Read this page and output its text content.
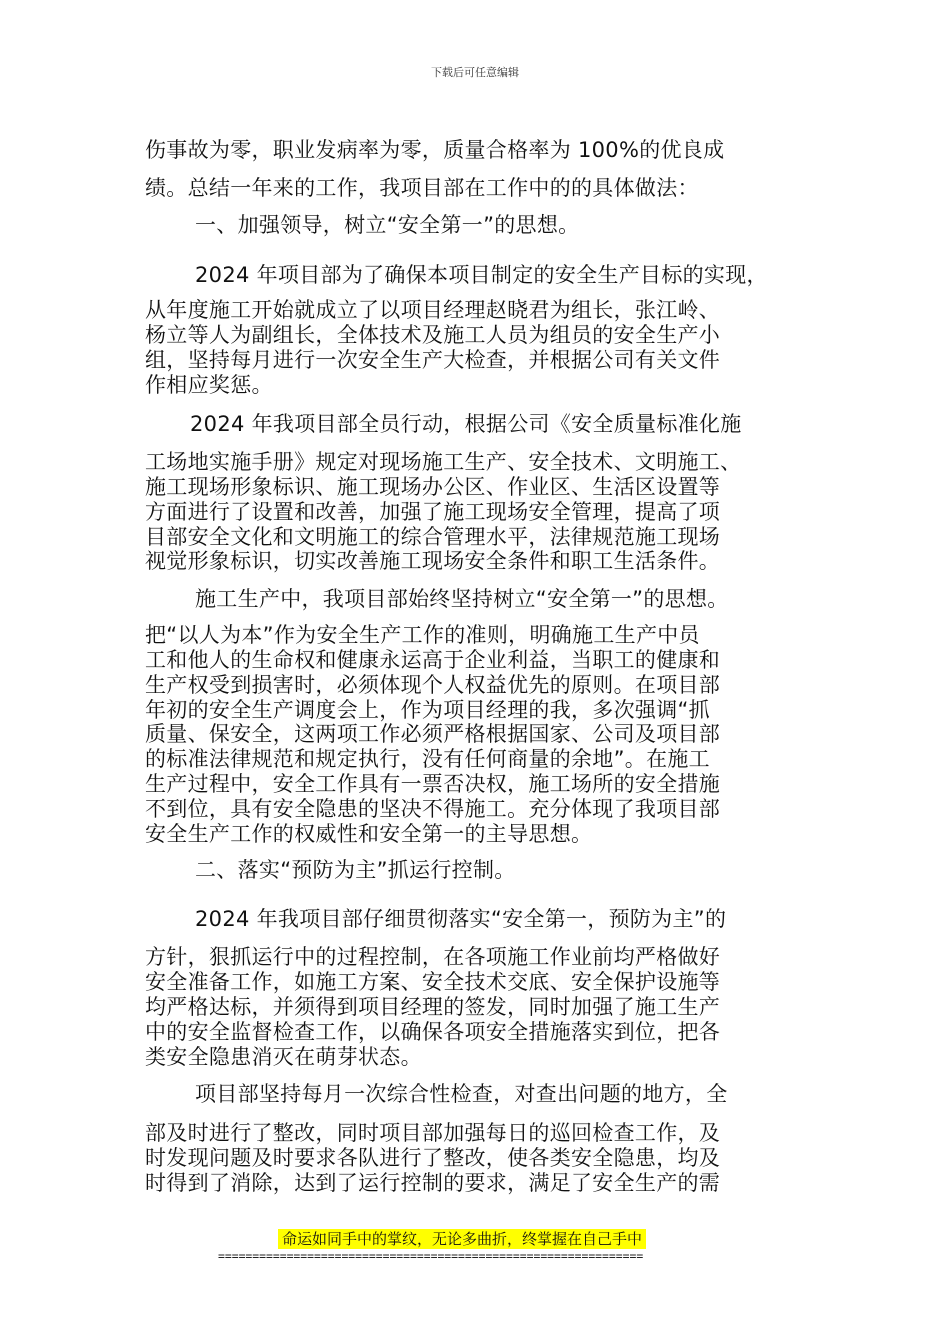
下载后可任意编辑
伤事故为零，职业发病率为零，质量合格率为 100%的优良成
绩。总结一年来的工作，我项目部在工作中的的具体做法：
一、加强领导，树立“安全第一”的思想。
2024 年项目部为了确保本项目制定的安全生产目标的实现，
从年度施工开始就成立了以项目经理赵晓君为组长，张江岭、
杨立等人为副组长，全体技术及施工人员为组员的安全生产小
组，坚持每月进行一次安全生产大检查，并根据公司有关文件
作相应奖惩。
2024 年我项目部全员行动，根据公司《安全质量标准化施
工场地实施手册》规定对现场施工生产、安全技术、文明施工、
施工现场形象标识、施工现场办公区、作业区、生活区设置等
方面进行了设置和改善，加强了施工现场安全管理，提高了项
目部安全文化和文明施工的综合管理水平，法律规范施工现场
视觉形象标识，切实改善施工现场安全条件和职工生活条件。
施工生产中，我项目部始终坚持树立“安全第一”的思想。
把“以人为本”作为安全生产工作的准则，明确施工生产中员
工和他人的生命权和健康永运高于企业利益，当职工的健康和
生产权受到损害时，必须体现个人权益优先的原则。在项目部
年初的安全生产调度会上，作为项目经理的我，多次强调“抓
质量、保安全，这两项工作必须严格根据国家、公司及项目部
的标准法律规范和规定执行，没有任何商量的余地”。在施工
生产过程中，安全工作具有一票否决权，施工场所的安全措施
不到位，具有安全隐患的坚决不得施工。充分体现了我项目部
安全生产工作的权威性和安全第一的主导思想。
二、落实“预防为主”抓运行控制。
2024 年我项目部仔细贯彻落实“安全第一，预防为主”的
方针，狠抓运行中的过程控制，在各项施工作业前均严格做好
安全准备工作，如施工方案、安全技术交底、安全保护设施等
均严格达标，并须得到项目经理的签发，同时加强了施工生产
中的安全监督检查工作，以确保各项安全措施落实到位，把各
类安全隐患消灭在萌芽状态。
项目部坚持每月一次综合性检查，对查出问题的地方，全
部及时进行了整改，同时项目部加强每日的巡回检查工作，及
时发现问题及时要求各队进行了整改，使各类安全隐患，均及
时得到了消除，达到了运行控制的要求，满足了安全生产的需
命运如同手中的掌纹，无论多曲折，终掌握在自己手中
==============================================================
